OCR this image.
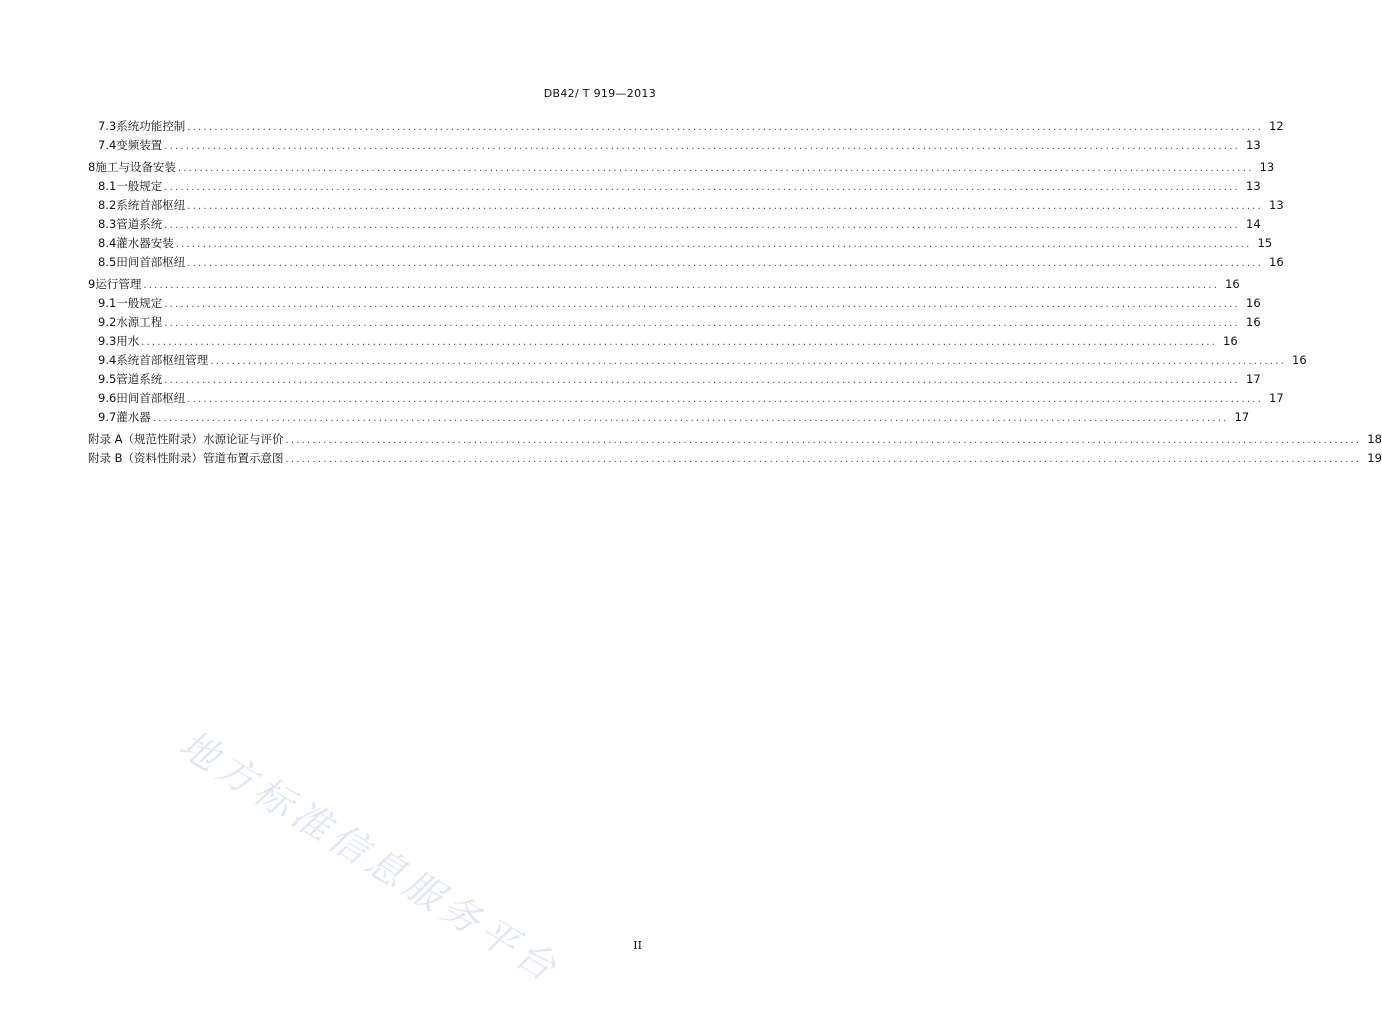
DB42/ T 919—2013
7.3 系统功能控制 ........................................................................................................................................................................................................ 12
7.4 变频装置 ........................................................................................................................................................................................................ 13
8 施工与设备安装 ........................................................................................................................................................................................................ 13
8.1 一般规定 ........................................................................................................................................................................................................ 13
8.2 系统首部枢纽 ........................................................................................................................................................................................................ 13
8.3 管道系统 ........................................................................................................................................................................................................ 14
8.4 灌水器安装 ........................................................................................................................................................................................................ 15
8.5 田间首部枢纽 ........................................................................................................................................................................................................ 16
9 运行管理 ........................................................................................................................................................................................................ 16
9.1 一般规定 ........................................................................................................................................................................................................ 16
9.2 水源工程 ........................................................................................................................................................................................................ 16
9.3 用水 ........................................................................................................................................................................................................ 16
9.4 系统首部枢纽管理 ........................................................................................................................................................................................................ 16
9.5 管道系统 ........................................................................................................................................................................................................ 17
9.6 田间首部枢纽 ........................................................................................................................................................................................................ 17
9.7 灌水器 ........................................................................................................................................................................................................ 17
附录 A（规范性附录） 水源论证与评价 ........................................................................................................................................................................................................ 18
附录 B（资料性附录） 管道布置示意图 ........................................................................................................................................................................................................ 19
地方标准信息服务平台	II
